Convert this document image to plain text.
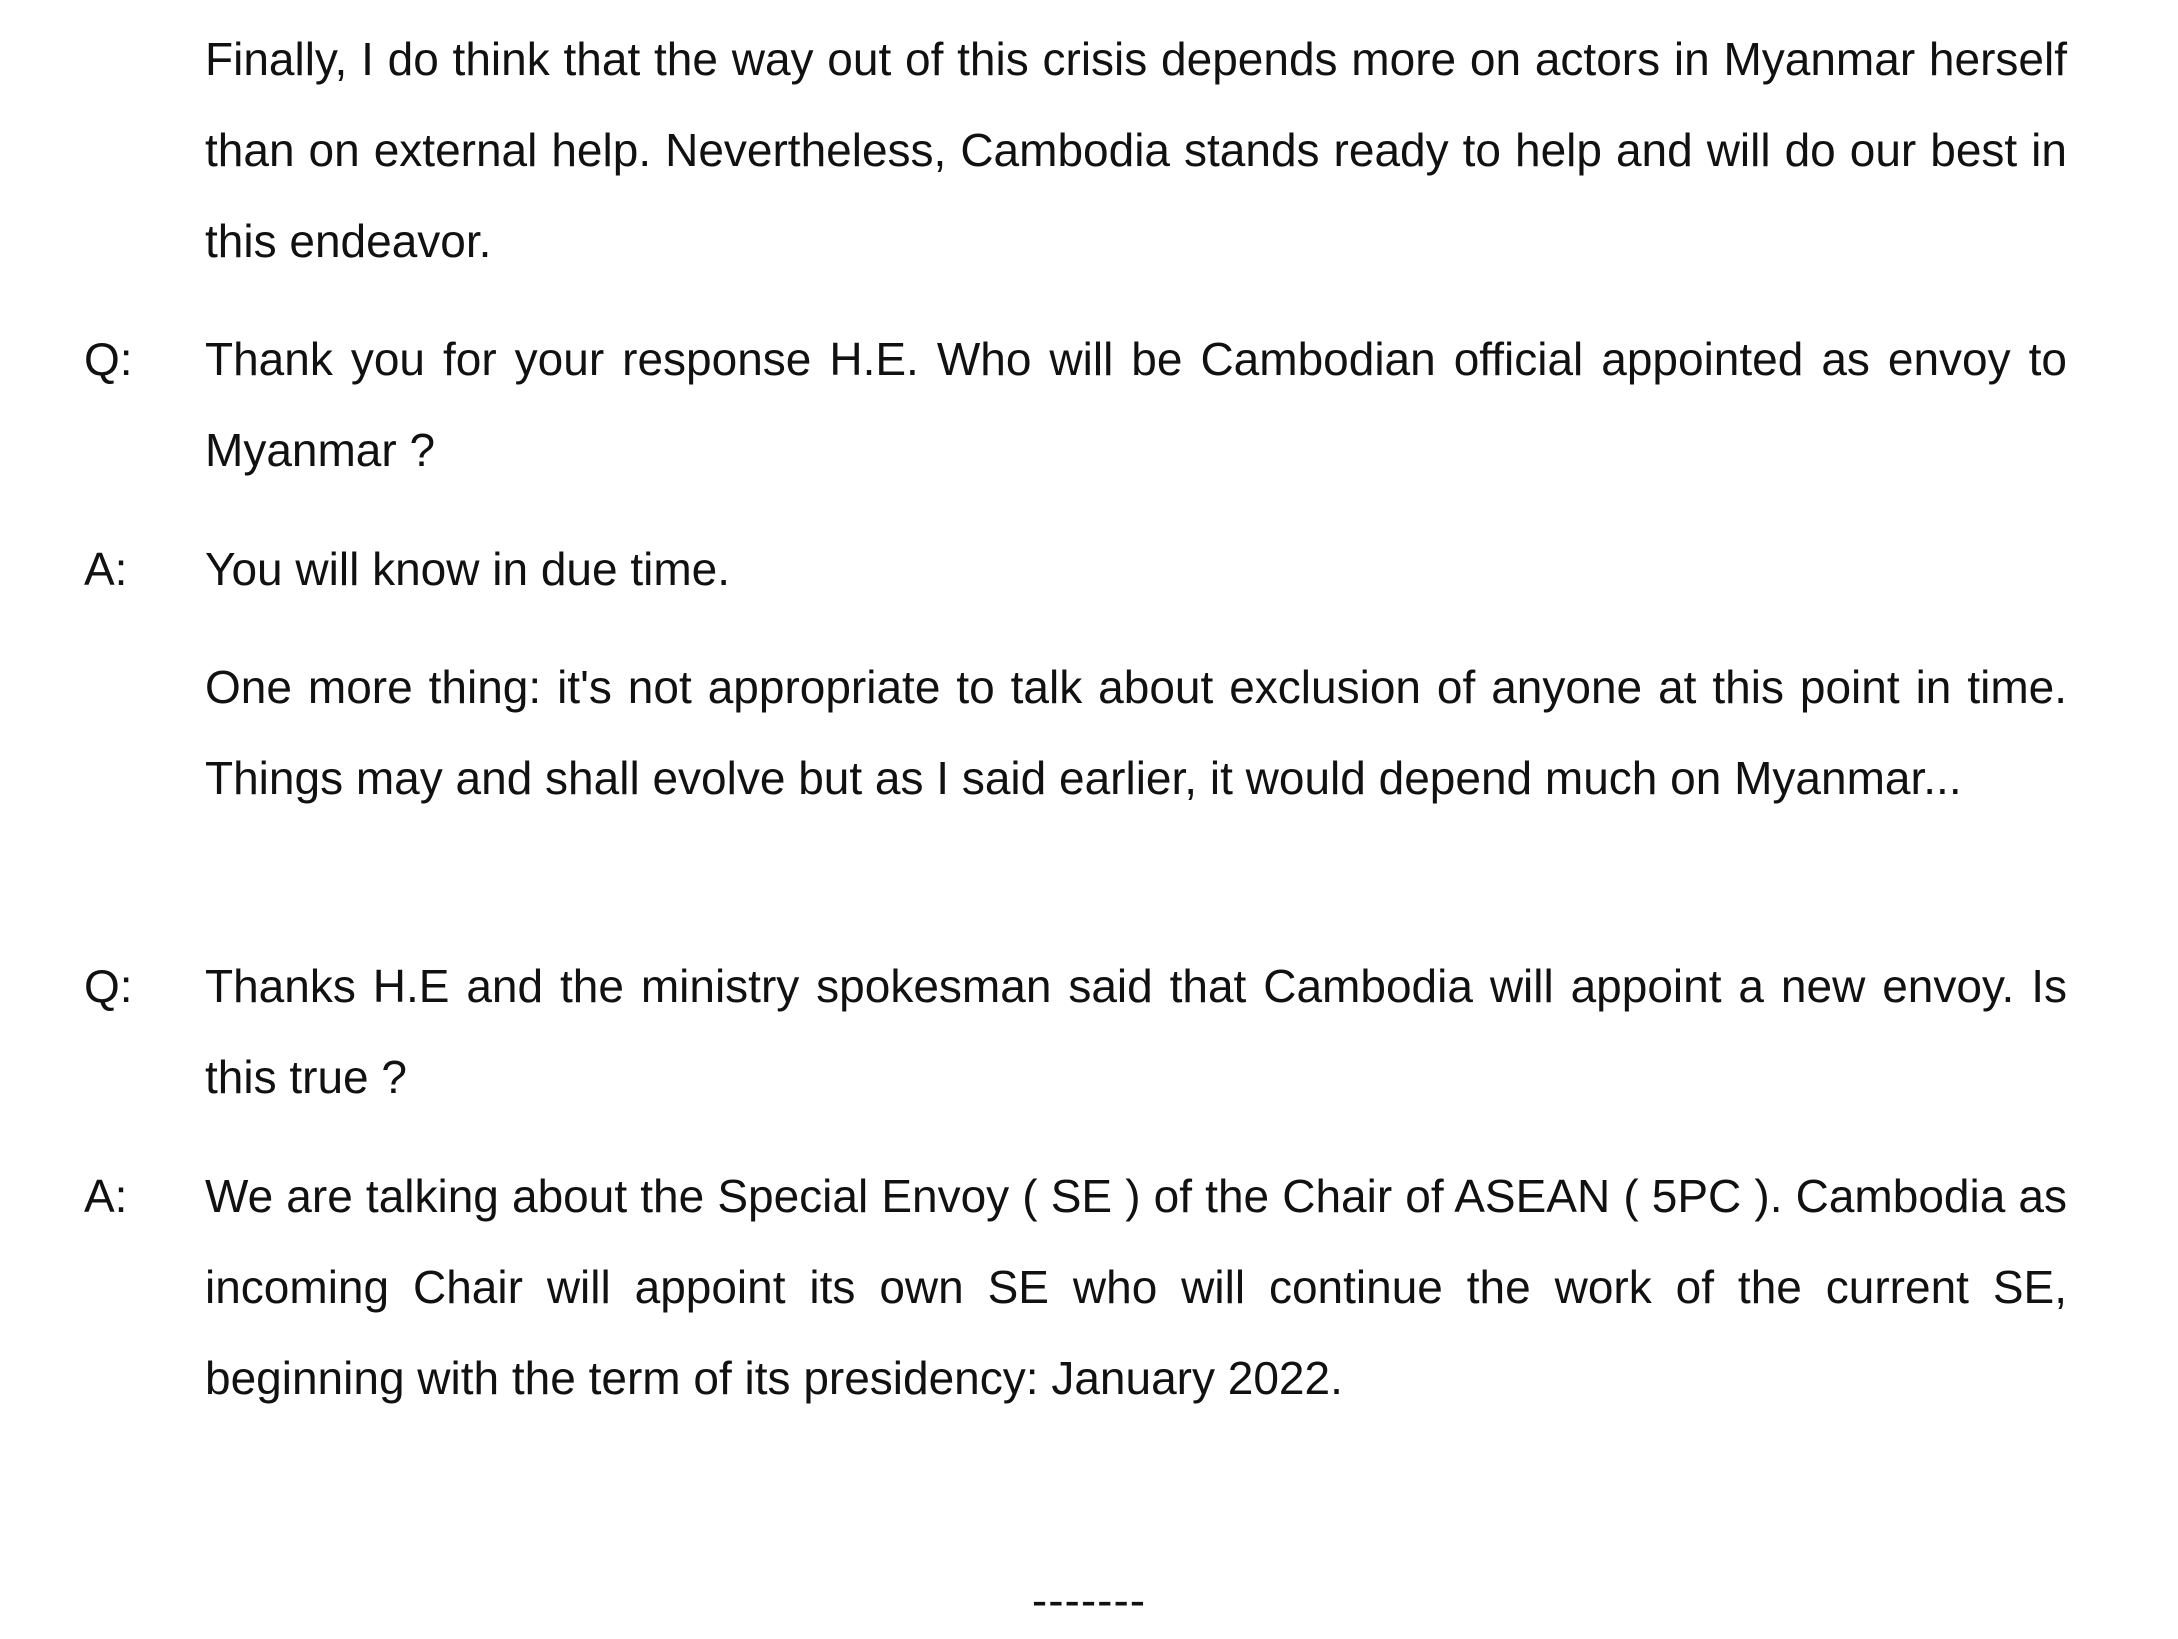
Finally, I do think that the way out of this crisis depends more on actors in Myanmar herself than on external help. Nevertheless, Cambodia stands ready to help and will do our best in this endeavor.

Q: Thank you for your response H.E. Who will be Cambodian official appointed as envoy to Myanmar ?

A: You will know in due time.

One more thing: it's not appropriate to talk about exclusion of anyone at this point in time. Things may and shall evolve but as I said earlier, it would depend much on Myanmar...

Q: Thanks H.E and the ministry spokesman said that Cambodia will appoint a new envoy. Is this true ?

A: We are talking about the Special Envoy ( SE ) of the Chair of ASEAN ( 5PC ). Cambodia as incoming Chair will appoint its own SE who will continue the work of the current SE, beginning with the term of its presidency: January 2022.

-------
